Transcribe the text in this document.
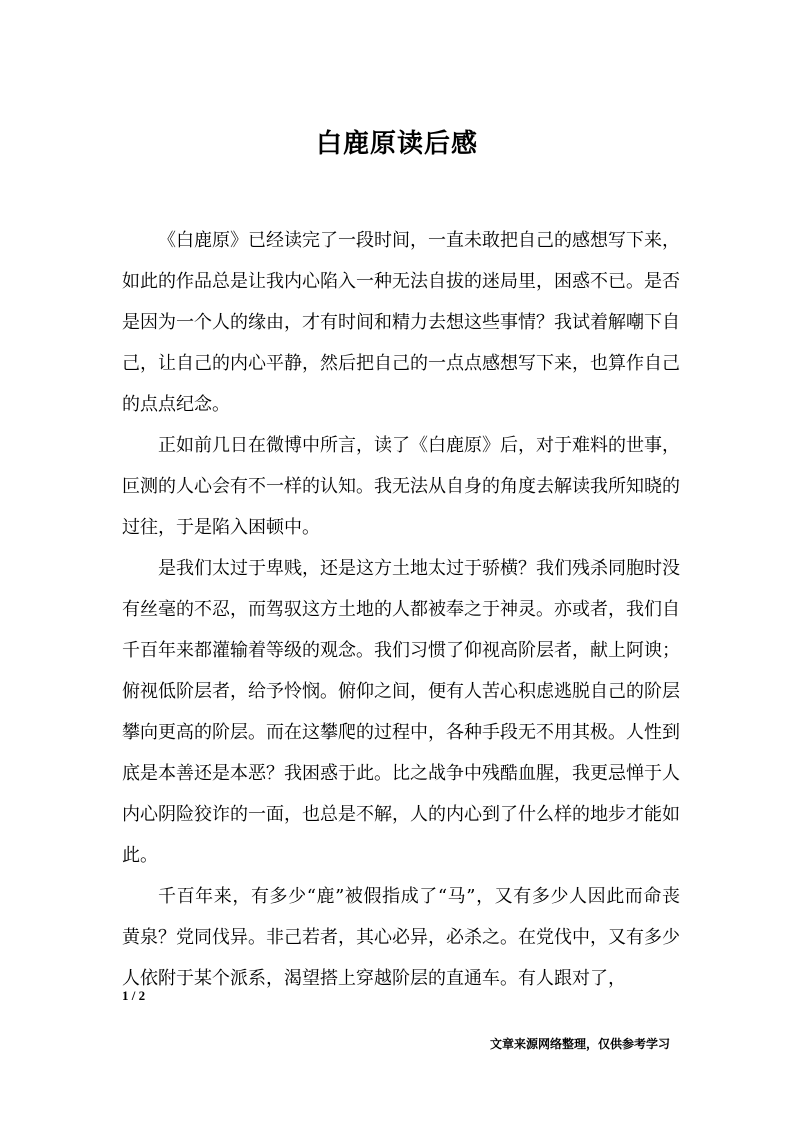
白鹿原读后感

《白鹿原》已经读完了一段时间，一直未敢把自己的感想写下来，如此的作品总是让我内心陷入一种无法自拔的迷局里，困惑不已。是否是因为一个人的缘由，才有时间和精力去想这些事情？我试着解嘲下自己，让自己的内心平静，然后把自己的一点点感想写下来，也算作自己的点点纪念。

正如前几日在微博中所言，读了《白鹿原》后，对于难料的世事，叵测的人心会有不一样的认知。我无法从自身的角度去解读我所知晓的过往，于是陷入困顿中。

是我们太过于卑贱，还是这方土地太过于骄横？我们残杀同胞时没有丝毫的不忍，而驾驭这方土地的人都被奉之于神灵。亦或者，我们自千百年来都灌输着等级的观念。我们习惯了仰视高阶层者，献上阿谀；俯视低阶层者，给予怜悯。俯仰之间，便有人苦心积虑逃脱自己的阶层攀向更高的阶层。而在这攀爬的过程中，各种手段无不用其极。人性到底是本善还是本恶？我困惑于此。比之战争中残酷血腥，我更忌惮于人内心阴险狡诈的一面，也总是不解，人的内心到了什么样的地步才能如此。

千百年来，有多少“鹿”被假指成了“马”，又有多少人因此而命丧黄泉？党同伐异。非己若者，其心必异，必杀之。在党伐中，又有多少人依附于某个派系，渴望搭上穿越阶层的直通车。有人跟对了，

1 / 2
文章来源网络整理，仅供参考学习
